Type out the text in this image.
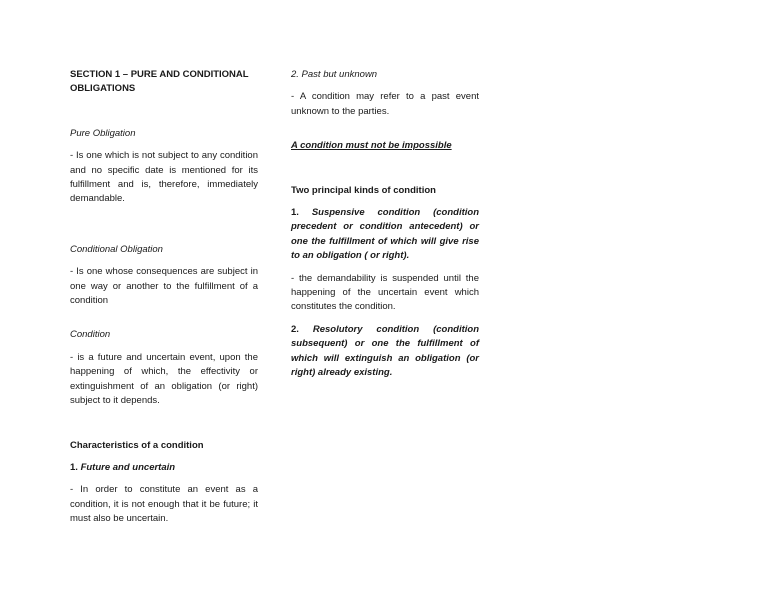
SECTION 1 – PURE AND CONDITIONAL OBLIGATIONS
Pure Obligation

- Is one which is not subject to any condition and no specific date is mentioned for its fulfillment and is, therefore, immediately demandable.

Conditional Obligation

- Is one whose consequences are subject in one way or another to the fulfillment of a condition

Condition

- is a future and uncertain event, upon the happening of which, the effectivity or extinguishment of an obligation (or right) subject to it depends.

Characteristics of a condition
1. Future and uncertain

- In order to constitute an event as a condition, it is not enough that it be future; it must also be uncertain.

2. Past but unknown

- A condition may refer to a past event unknown to the parties.

A condition must not be impossible
Two principal kinds of condition

1. Suspensive condition (condition precedent or condition antecedent) or one the fulfillment of which will give rise to an obligation ( or right).

- the demandability is suspended until the happening of the uncertain event which constitutes the condition.

2. Resolutory condition (condition subsequent) or one the fulfillment of which will extinguish an obligation (or right) already existing.
